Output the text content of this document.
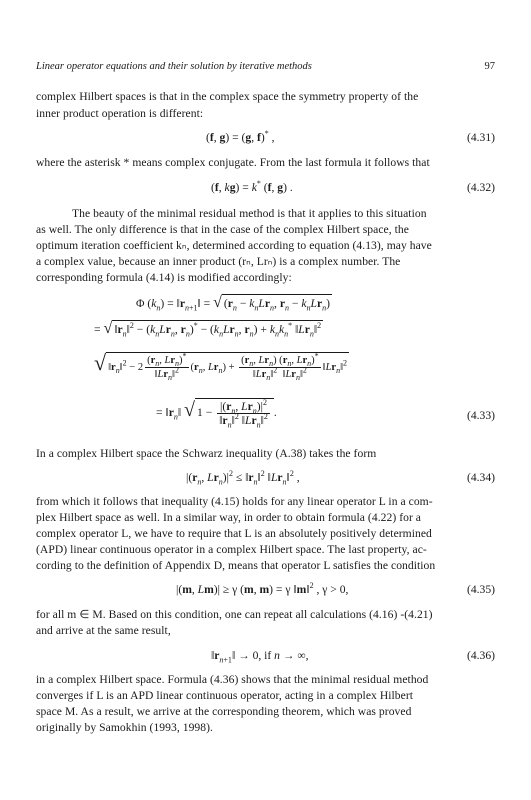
Linear operator equations and their solution by iterative methods	97
complex Hilbert spaces is that in the complex space the symmetry property of the
inner product operation is different:
(f, g) = (g, f)* ,	(4.31)
where the asterisk * means complex conjugate. From the last formula it follows that
(f, kg) = k* (f, g) .	(4.32)
The beauty of the minimal residual method is that it applies to this situation
as well. The only difference is that in the case of the complex Hilbert space, the
optimum iteration coefficient kₙ, determined according to equation (4.13), may have
a complex value, because an inner product (rₙ, Lrₙ) is a complex number. The
corresponding formula (4.14) is modified accordingly:
Φ $(k_n)$ = $‖r_{n+1}‖$ = √ ($r_n - k_nLr_n$, $r_n - k_nLr_n$)
= √ $‖r_n‖^2 - (k_nLr_n$, $r_n)^* - (k_nLr_n$, $r_n) + k_nk_n^*$ $‖Lr_n‖^2$
√ $‖r_n‖^2 - 2 \frac{(r_n, Lr_n)^*}{‖Lr_n‖^2} (r_n$, $Lr_n) + \frac{(r_n, Lr_n) (r_n, Lr_n)^*}{‖Lr_n‖^2 ‖Lr_n‖^2}$ $‖Lr_n‖^2$
= $‖r_n‖$ √ $1 - \frac{|(r_n, Lr_n)|^2}{‖r_n‖^2 ‖Lr_n‖^2}$ .	(4.33)
In a complex Hilbert space the Schwarz inequality (A.38) takes the form
$|(r_n$, $Lr_n)|^2$ ≤ $‖r_n‖^2$ $‖Lr_n‖^2$ ,	(4.34)
from which it follows that inequality (4.15) holds for any linear operator L in a com-
plex Hilbert space as well. In a similar way, in order to obtain formula (4.22) for a
complex operator L, we have to require that L is an absolutely positively determined
(APD) linear continuous operator in a complex Hilbert space. The last property, ac-
cording to the definition of Appendix D, means that operator L satisfies the condition
|(m, Lm)| ≥ γ (m, m) = γ ‖m‖$^2$ , γ > 0,	(4.35)
for all m ∈ M. Based on this condition, one can repeat all calculations (4.16) -(4.21)
and arrive at the same result,
$‖r_{n+1}‖ \to 0$, if n → ∞,	(4.36)
in a complex Hilbert space. Formula (4.36) shows that the minimal residual method
converges if L is an APD linear continuous operator, acting in a complex Hilbert
space M. As a result, we arrive at the corresponding theorem, which was proved
originally by Samokhin (1993, 1998).
